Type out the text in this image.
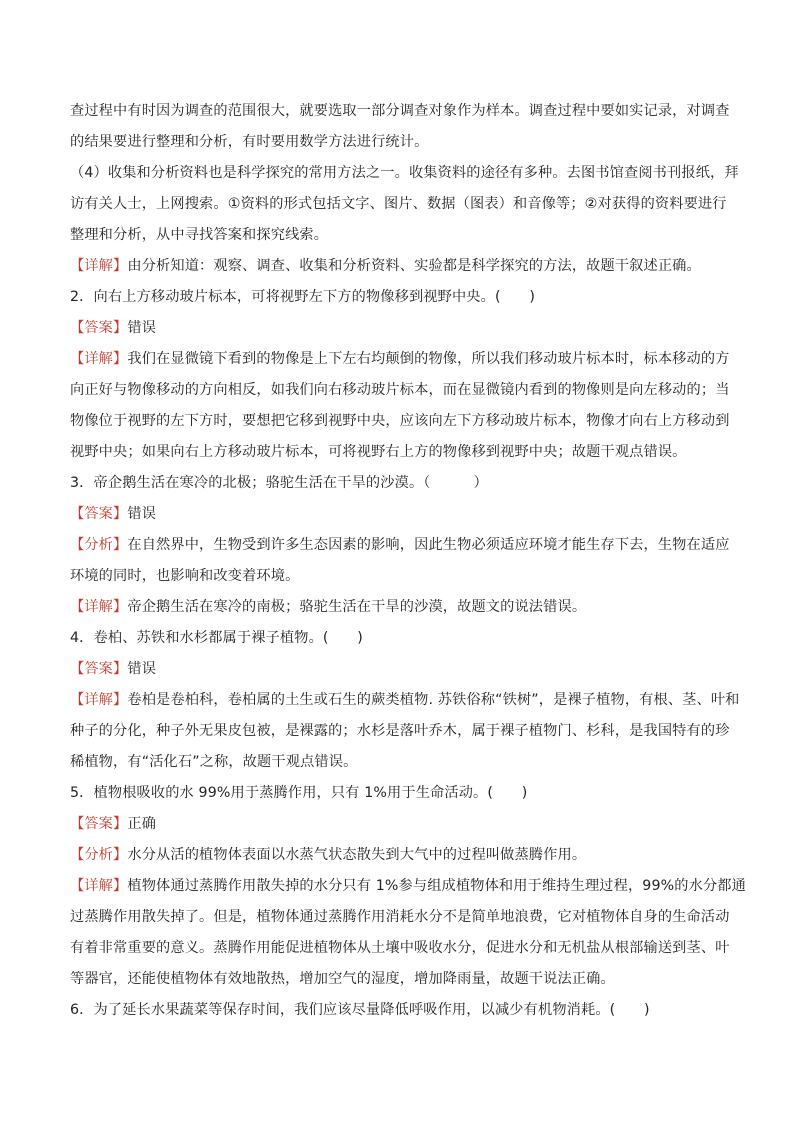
查过程中有时因为调查的范围很大，就要选取一部分调查对象作为样本。调查过程中要如实记录，对调查
的结果要进行整理和分析，有时要用数学方法进行统计。
（4）收集和分析资料也是科学探究的常用方法之一。收集资料的途径有多种。去图书馆查阅书刊报纸，拜
访有关人士，上网搜索。①资料的形式包括文字、图片、数据（图表）和音像等；②对获得的资料要进行
整理和分析，从中寻找答案和探究线索。
【详解】由分析知道：观察、调查、收集和分析资料、实验都是科学探究的方法，故题干叙述正确。
2．向右上方移动玻片标本，可将视野左下方的物像移到视野中央。(　　)
【答案】错误
【详解】我们在显微镜下看到的物像是上下左右均颠倒的物像，所以我们移动玻片标本时，标本移动的方
向正好与物像移动的方向相反，如我们向右移动玻片标本，而在显微镜内看到的物像则是向左移动的；当
物像位于视野的左下方时，要想把它移到视野中央，应该向左下方移动玻片标本，物像才向右上方移动到
视野中央；如果向右上方移动玻片标本，可将视野右上方的物像移到视野中央；故题干观点错误。
3．帝企鹅生活在寒冷的北极；骆驼生活在干旱的沙漠。（　　　）
【答案】错误
【分析】在自然界中，生物受到许多生态因素的影响，因此生物必须适应环境才能生存下去，生物在适应
环境的同时，也影响和改变着环境。
【详解】帝企鹅生活在寒冷的南极；骆驼生活在干旱的沙漠，故题文的说法错误。
4．卷柏、苏铁和水杉都属于裸子植物。(　　)
【答案】错误
【详解】卷柏是卷柏科，卷柏属的土生或石生的蕨类植物. 苏铁俗称“铁树”，是裸子植物，有根、茎、叶和
种子的分化，种子外无果皮包被，是裸露的；水杉是落叶乔木，属于裸子植物门、杉科，是我国特有的珍
稀植物，有“活化石”之称，故题干观点错误。
5．植物根吸收的水 99%用于蒸腾作用，只有 1%用于生命活动。(　　)
【答案】正确
【分析】水分从活的植物体表面以水蒸气状态散失到大气中的过程叫做蒸腾作用。
【详解】植物体通过蒸腾作用散失掉的水分只有 1%参与组成植物体和用于维持生理过程，99%的水分都通
过蒸腾作用散失掉了。但是，植物体通过蒸腾作用消耗水分不是简单地浪费，它对植物体自身的生命活动
有着非常重要的意义。蒸腾作用能促进植物体从土壤中吸收水分，促进水分和无机盐从根部输送到茎、叶
等器官，还能使植物体有效地散热，增加空气的湿度，增加降雨量，故题干说法正确。
6．为了延长水果蔬菜等保存时间，我们应该尽量降低呼吸作用，以减少有机物消耗。(　　)
